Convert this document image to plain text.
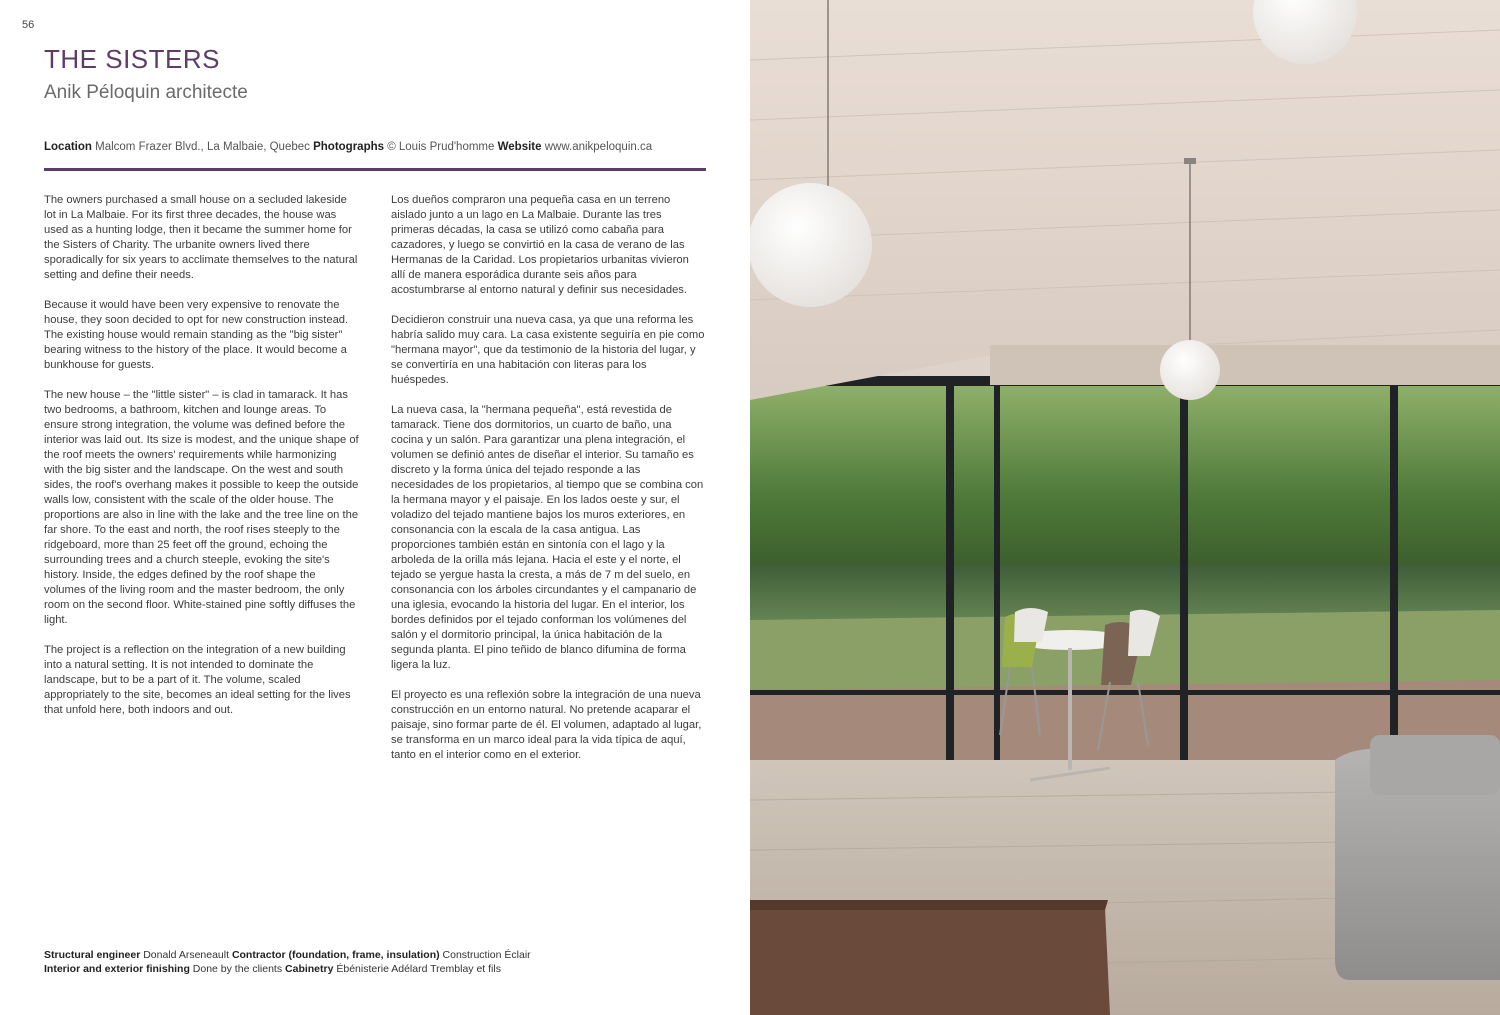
56
THE SISTERS
Anik Péloquin architecte
Location Malcom Frazer Blvd., La Malbaie, Quebec Photographs © Louis Prud'homme Website www.anikpeloquin.ca

The owners purchased a small house on a secluded lakeside lot in La Malbaie. For its first three decades, the house was used as a hunting lodge, then it became the summer home for the Sisters of Charity. The urbanite owners lived there sporadically for six years to acclimate themselves to the natural setting and define their needs.

Because it would have been very expensive to renovate the house, they soon decided to opt for new construction instead. The existing house would remain standing as the "big sister" bearing witness to the history of the place. It would become a bunkhouse for guests.

The new house – the "little sister" – is clad in tamarack. It has two bedrooms, a bathroom, kitchen and lounge areas. To ensure strong integration, the volume was defined before the interior was laid out. Its size is modest, and the unique shape of the roof meets the owners' requirements while harmonizing with the big sister and the landscape. On the west and south sides, the roof's overhang makes it possible to keep the outside walls low, consistent with the scale of the older house. The proportions are also in line with the lake and the tree line on the far shore. To the east and north, the roof rises steeply to the ridgeboard, more than 25 feet off the ground, echoing the surrounding trees and a church steeple, evoking the site's history. Inside, the edges defined by the roof shape the volumes of the living room and the master bedroom, the only room on the second floor. White-stained pine softly diffuses the light.

The project is a reflection on the integration of a new building into a natural setting. It is not intended to dominate the landscape, but to be a part of it. The volume, scaled appropriately to the site, becomes an ideal setting for the lives that unfold here, both indoors and out.

Los dueños compraron una pequeña casa en un terreno aislado junto a un lago en La Malbaie. Durante las tres primeras décadas, la casa se utilizó como cabaña para cazadores, y luego se convirtió en la casa de verano de las Hermanas de la Caridad. Los propietarios urbanitas vivieron allí de manera esporádica durante seis años para acostumbrarse al entorno natural y definir sus necesidades.

Decidieron construir una nueva casa, ya que una reforma les habría salido muy cara. La casa existente seguiría en pie como "hermana mayor", que da testimonio de la historia del lugar, y se convertiría en una habitación con literas para los huéspedes.

La nueva casa, la "hermana pequeña", está revestida de tamarack. Tiene dos dormitorios, un cuarto de baño, una cocina y un salón. Para garantizar una plena integración, el volumen se definió antes de diseñar el interior. Su tamaño es discreto y la forma única del tejado responde a las necesidades de los propietarios, al tiempo que se combina con la hermana mayor y el paisaje. En los lados oeste y sur, el voladizo del tejado mantiene bajos los muros exteriores, en consonancia con la escala de la casa antigua. Las proporciones también están en sintonía con el lago y la arboleda de la orilla más lejana. Hacia el este y el norte, el tejado se yergue hasta la cresta, a más de 7 m del suelo, en consonancia con los árboles circundantes y el campanario de una iglesia, evocando la historia del lugar. En el interior, los bordes definidos por el tejado conforman los volúmenes del salón y el dormitorio principal, la única habitación de la segunda planta. El pino teñido de blanco difumina de forma ligera la luz.

El proyecto es una reflexión sobre la integración de una nueva construcción en un entorno natural. No pretende acaparar el paisaje, sino formar parte de él. El volumen, adaptado al lugar, se transforma en un marco ideal para la vida típica de aquí, tanto en el interior como en el exterior.

Structural engineer Donald Arseneault Contractor (foundation, frame, insulation) Construction Éclair
Interior and exterior finishing Done by the clients Cabinetry Ébénisterie Adélard Tremblay et fils
